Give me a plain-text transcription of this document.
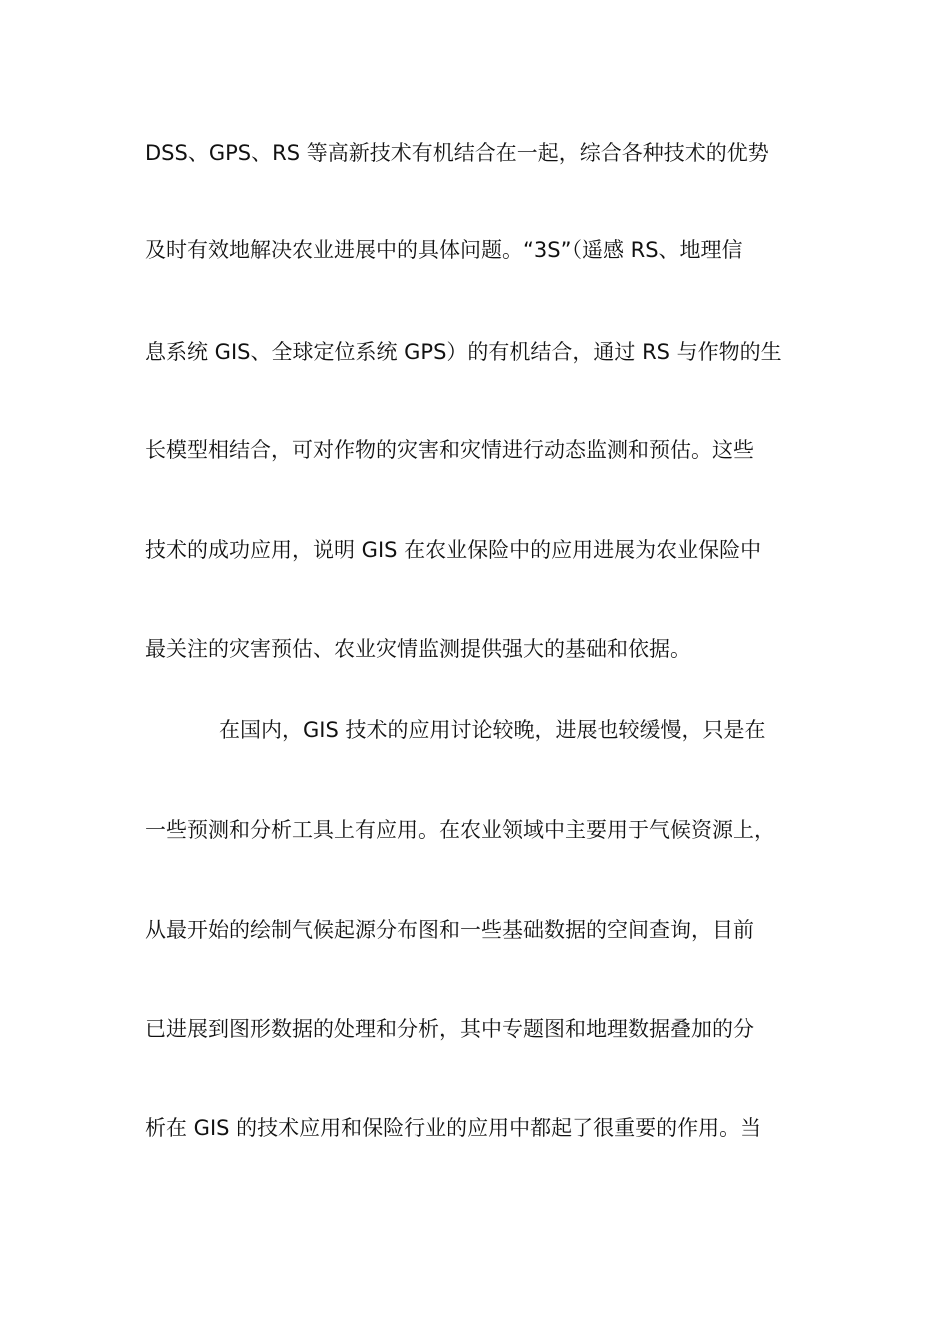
DSS、GPS、RS 等高新技术有机结合在一起，综合各种技术的优势
及时有效地解决农业进展中的具体问题。“3S”（遥感 RS、地理信
息系统 GIS、全球定位系统 GPS）的有机结合，通过 RS 与作物的生
长模型相结合，可对作物的灾害和灾情进行动态监测和预估。这些
技术的成功应用，说明 GIS 在农业保险中的应用进展为农业保险中
最关注的灾害预估、农业灾情监测提供强大的基础和依据。
在国内，GIS 技术的应用讨论较晚，进展也较缓慢，只是在
一些预测和分析工具上有应用。在农业领域中主要用于气候资源上，
从最开始的绘制气候起源分布图和一些基础数据的空间查询，目前
已进展到图形数据的处理和分析，其中专题图和地理数据叠加的分
析在 GIS 的技术应用和保险行业的应用中都起了很重要的作用。当
